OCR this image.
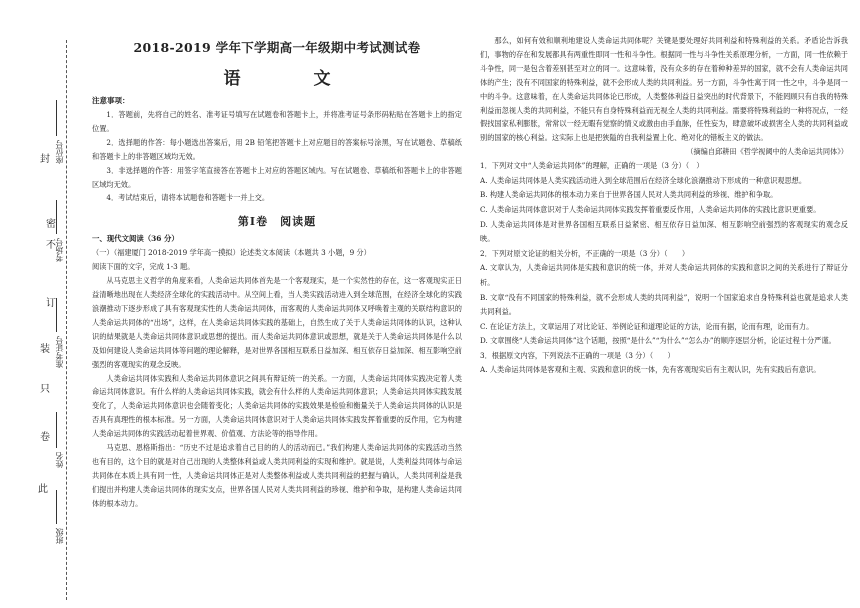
封
密
不
订
装
只
卷
此
座位号
考场号
准考证号
姓名
班级
2018-2019 学年下学期高一年级期中考试测试卷
语　文
注意事项：

1．答题前，先将自己的姓名、准考证号填写在试题卷和答题卡上，并将准考证号条形码粘贴在答题卡上的指定位置。

2．选择题的作答：每小题选出答案后，用 2B 铅笔把答题卡上对应题目的答案标号涂黑，写在试题卷、草稿纸和答题卡上的非答题区域均无效。

3．非选择题的作答：用签字笔直接答在答题卡上对应的答题区域内。写在试题卷、草稿纸和答题卡上的非答题区域均无效。

4．考试结束后，请将本试题卷和答题卡一并上交。

第Ⅰ卷　阅读题
一、现代文阅读（36 分）

（一）（福建厦门 2018-2019 学年高一摸拟）论述类文本阅读（本题共 3 小题，9 分）

阅读下面的文字，完成 1-3 题。

从马克思主义哲学的角度来看，人类命运共同体首先是一个客观现实，是一个实然性的存在，这一客观现实正日益清晰地出现在人类经济全球化的实践活动中。从空间上看，当人类实践活动进入到全球范围，在经济全球化的实践浪潮推动下逐步形成了具有客观现实性的人类命运共同体，而客观的人类命运共同体又呼唤着主观的关联结构意识的人类命运共同体的“出场”，这样，在人类命运共同体实践的基础上，自然生成了关于人类命运共同体的认识，这种认识的結果就是人类命运共同体意识或思想的提出。而人类命运共同体意识或思想，就是关于人类命运共同体是什么以及如何建设人类命运共同体等问题的理论解释，是对世界各国相互联系日益加深、相互依存日益加深、相互影响空前强烈的客观现实的观念反映。

人类命运共同体实践和人类命运共同体意识之间具有辩证统一的关系。一方面，人类命运共同体实践决定着人类命运共同体意识。有什么样的人类命运共同体实践，就会有什么样的人类命运共同体意识；人类命运共同体实践发展变化了，人类命运共同体意识也会随着变化；人类命运共同体的实践效果是检验和衡量关于人类命运共同体的认识是否具有真理性的根本标准。另一方面，人类命运共同体意识对于人类命运共同体实践发挥着重要的反作用，它为构建人类命运共同体的实践活动起着世界观、价值观、方法论等的指导作用。

马克思、恩格斯指出：“历史不过是追求着自己目的的人的活动而已。”我们构建人类命运共同体的实践活动当然也有目的，这个目的就是对自己出现的人类整体利益或人类共同利益的实现和维护。就是说，人类利益共同体与命运共同体在本质上具有同一性，人类命运共同体正是对人类整体利益或人类共同利益的把握与确认，人类共同利益是我们提出并构建人类命运共同体的现实支点，世界各国人民对人类共同利益的珍视、维护和争取，是构建人类命运共同体的根本动力。

那么，如何有效和顺利地建设人类命运共同体呢？关键是要处理好共同利益和特殊利益的关系。矛盾论告诉我们，事物的存在和发展都具有两重性即同一性和斗争性。根据同一性与斗争性关系原理分析，一方面，同一性依赖于斗争性，同一是包含着差别甚至对立的同一。这意味着，没有众多的存在着种种差异的国家，就不会有人类命运共同体的产生；没有不同国家的特殊利益，就不会形成人类的共同利益。另一方面，斗争性寓于同一性之中，斗争是同一中的斗争。这意味着，在人类命运共同体论已形成，人类整体利益日益突出的时代背景下，不能罔顾只有自我的特殊利益而忽视人类的共同利益，不能只有自身特殊利益而无视全人类的共同利益。需要将特殊利益的一种将况点，一经假找国家私利膨胀，常常以一经无暇有觉察的情义或激由由手血脉，任性妄为，肆意破坏或损害全人类的共同利益或别的国家的核心利益。这实际上也是把狭隘的自我利益置上化、绝对化的错板主义的做法。

（摘编自邱耕田《哲学视阈中的人类命运共同体》）

1．下列对文中“人类命运共同体”的理解，正确的一项是（3 分）（　）

A. 人类命运共同体是人类实践活动进入到全球范围后在经济全球化浪潮推动下形成的一种意识观思想。

B. 构建人类命运共同体的根本动力来自于世界各国人民对人类共同利益的珍视、维护和争取。

C. 人类命运共同体意识对于人类命运共同体实践发挥着重要反作用，人类命运共同体的实践比意识更重要。

D. 人类命运共同体是对世界各国相互联系日益紧密、相互依存日益加深、相互影响空前强烈的客观现实的观念反映。

2．下列对原文论证的相关分析，不正确的一项是（3 分）（　　）

A. 文章认为，人类命运共同体是实践和意识的统一体，并对人类命运共同体的实践和意识之间的关系进行了辩证分析。

B. 文章“没有不同国家的特殊利益，就不会形成人类的共同利益”，说明一个国家追求自身特殊利益也就是追求人类共同利益。

C. 在论证方法上，文章运用了对比论证、举例论证和道理论证的方法，论而有据，论而有理，论而有力。

D. 文章围绕“人类命运共同体”这个话题，按照“是什么”“为什么”“怎么办”的顺序逐层分析，论证过程十分严谨。

3．根据原文内容，下列说法不正确的一项是（3 分）（　　）

A. 人类命运共同体是客观和主观、实践和意识的统一体，先有客观现实后有主观认识，先有实践后有意识。
